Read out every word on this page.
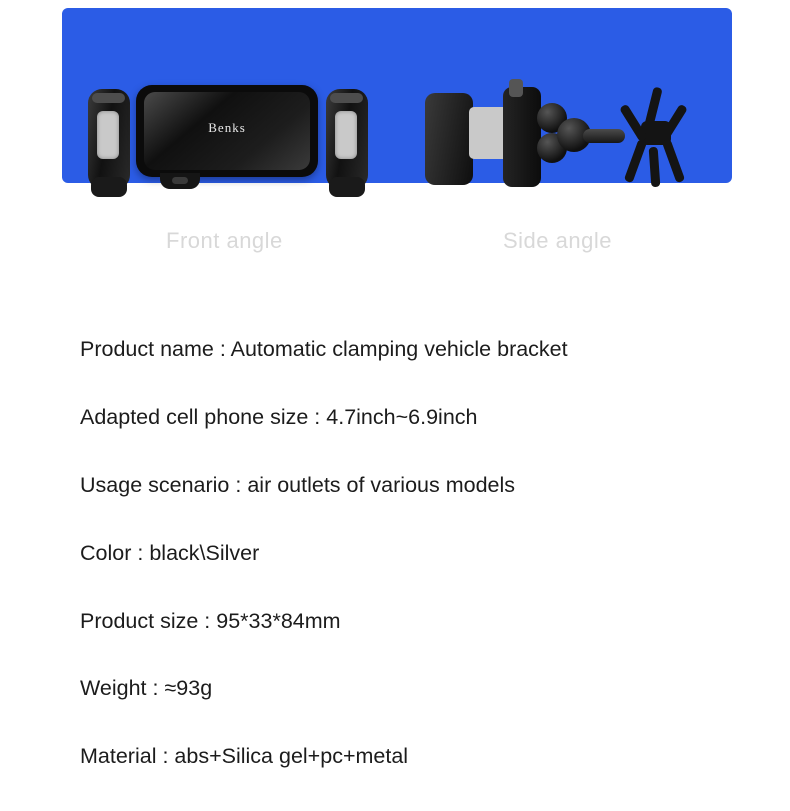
Benks
Front angle	Side angle
Product name : Automatic clamping vehicle bracket
Adapted cell phone size : 4.7inch~6.9inch
Usage scenario : air outlets of various models
Color : black\Silver
Product size : 95*33*84mm
Weight : ≈93g
Material : abs+Silica gel+pc+metal
